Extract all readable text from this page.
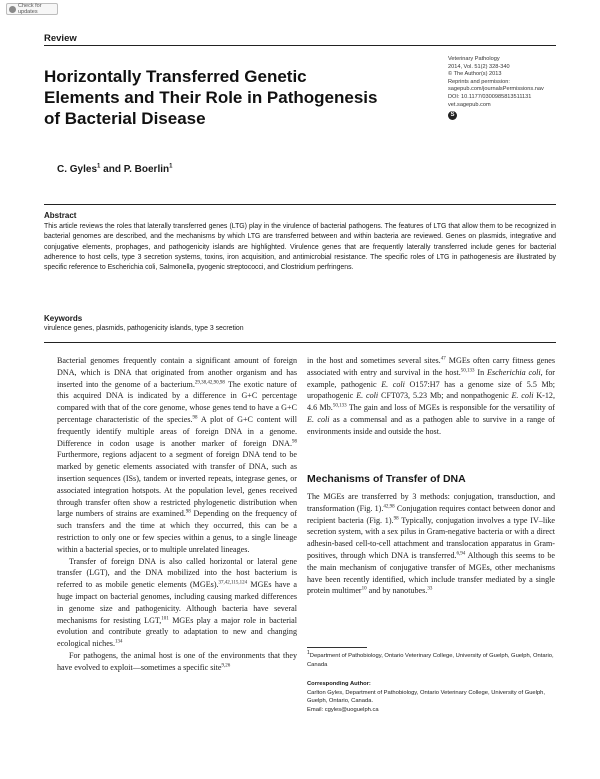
Check for updates
Review
Horizontally Transferred Genetic Elements and Their Role in Pathogenesis of Bacterial Disease
Veterinary Pathology
2014, Vol. 51(2) 328-340
© The Author(s) 2013
Reprints and permission:
sagepub.com/journalsPermissions.nav
DOI: 10.1177/0300985813511131
vet.sagepub.com
S
C. Gyles$^1$ and P. Boerlin$^1$
Abstract

This article reviews the roles that laterally transferred genes (LTG) play in the virulence of bacterial pathogens. The features of LTG that allow them to be recognized in bacterial genomes are described, and the mechanisms by which LTG are transferred between and within bacteria are reviewed. Genes on plasmids, integrative and conjugative elements, prophages, and pathogenicity islands are highlighted. Virulence genes that are frequently laterally transferred include genes for bacterial adherence to host cells, type 3 secretion systems, toxins, iron acquisition, and antimicrobial resistance. The specific roles of LTG in pathogenesis are illustrated by specific reference to Escherichia coli, Salmonella, pyogenic streptococci, and Clostridium perfringens.

Keywords
virulence genes, plasmids, pathogenicity islands, type 3 secretion

Bacterial genomes frequently contain a significant amount of foreign DNA, which is DNA that originated from another organism and has inserted into the genome of a bacterium.$^{29,38,42,90,98}$ The exotic nature of this acquired DNA is indicated by a difference in G+C percentage compared with that of the core genome, whose genes tend to have a G+C percentage characteristic of the species.$^{98}$ A plot of G+C content will frequently identify multiple areas of foreign DNA in a genome. Difference in codon usage is another marker of foreign DNA.$^{98}$ Furthermore, regions adjacent to a segment of foreign DNA tend to be marked by genetic elements associated with transfer of DNA, such as insertion sequences (ISs), tandem or inverted repeats, integrase genes, or associated integration hotspots. At the population level, genes received through transfer often show a restricted phylogenetic distribution when large numbers of strains are examined.$^{98}$ Depending on the frequency of such transfers and the time at which they occurred, this can be a restriction to only one or few species within a genus, to a single lineage within a bacterial species, or to multiple unrelated lineages.

Transfer of foreign DNA is also called horizontal or lateral gene transfer (LGT), and the DNA mobilized into the host bacterium is referred to as mobile genetic elements (MGEs).$^{37,42,115,124}$ MGEs have a huge impact on bacterial genomes, including causing marked differences in genome size and pathogenicity. Although bacteria have several mechanisms for resisting LGT,$^{101}$ MGEs play a major role in bacterial evolution and contribute greatly to adaptation to new and changing ecological niches.$^{134}$

For pathogens, the animal host is one of the environments that they have evolved to exploit—sometimes a specific site$^{9,26}$

in the host and sometimes several sites.$^{47}$ MGEs often carry fitness genes associated with entry and survival in the host.$^{50,133}$ In Escherichia coli, for example, pathogenic E. coli O157:H7 has a genome size of 5.5 Mb; uropathogenic E. coli CFT073, 5.23 Mb; and nonpathogenic E. coli K-12, 4.6 Mb.$^{50,133}$ The gain and loss of MGEs is responsible for the versatility of E. coli as a commensal and as a pathogen able to survive in a range of environments inside and outside the host.

Mechanisms of Transfer of DNA

The MGEs are transferred by 3 methods: conjugation, transduction, and transformation (Fig. 1).$^{42,98}$ Conjugation requires contact between donor and recipient bacteria (Fig. 1).$^{98}$ Typically, conjugation involves a type IV–like secretion system, with a sex pilus in Gram-negative bacteria or with a direct adhesin-based cell-to-cell attachment and translocation apparatus in Gram-positives, through which DNA is transferred.$^{6,94}$ Although this seems to be the main mechanism of conjugative transfer of MGEs, other mechanisms have been recently identified, which include transfer mediated by a single protein multimer$^{10}$ and by nanotubes.$^{33}$

$^1$Department of Pathobiology, Ontario Veterinary College, University of Guelph, Guelph, Ontario, Canada
Corresponding Author:
Carlton Gyles, Department of Pathobiology, Ontario Veterinary College, University of Guelph, Guelph, Ontario, Canada.
Email: cgyles@uoguelph.ca
